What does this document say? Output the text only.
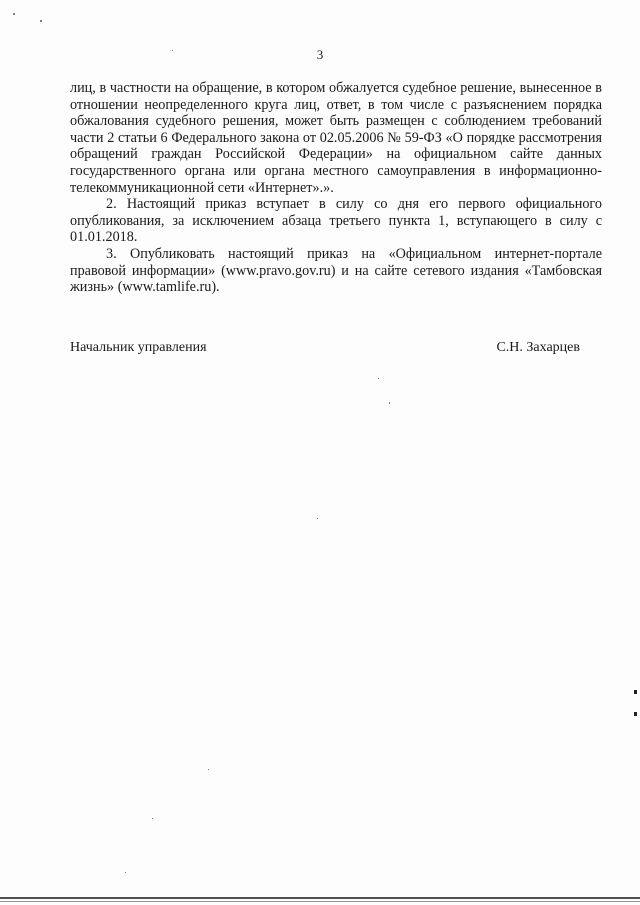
3

лиц, в частности на обращение, в котором обжалуется судебное решение, вынесенное в отношении неопределенного круга лиц, ответ, в том числе с разъяснением порядка обжалования судебного решения, может быть размещен с соблюдением требований части 2 статьи 6 Федерального закона от 02.05.2006 № 59-ФЗ «О порядке рассмотрения обращений граждан Российской Федерации» на официальном сайте данных государственного органа или органа местного самоуправления в информационно-телекоммуникационной сети «Интернет».».

2. Настоящий приказ вступает в силу со дня его первого официального опубликования, за исключением абзаца третьего пункта 1, вступающего в силу с 01.01.2018.

3. Опубликовать настоящий приказ на «Официальном интернет-портале правовой информации» (www.pravo.gov.ru) и на сайте сетевого издания «Тамбовская жизнь» (www.tamlife.ru).

Начальник управления	С.Н. Захарцев
